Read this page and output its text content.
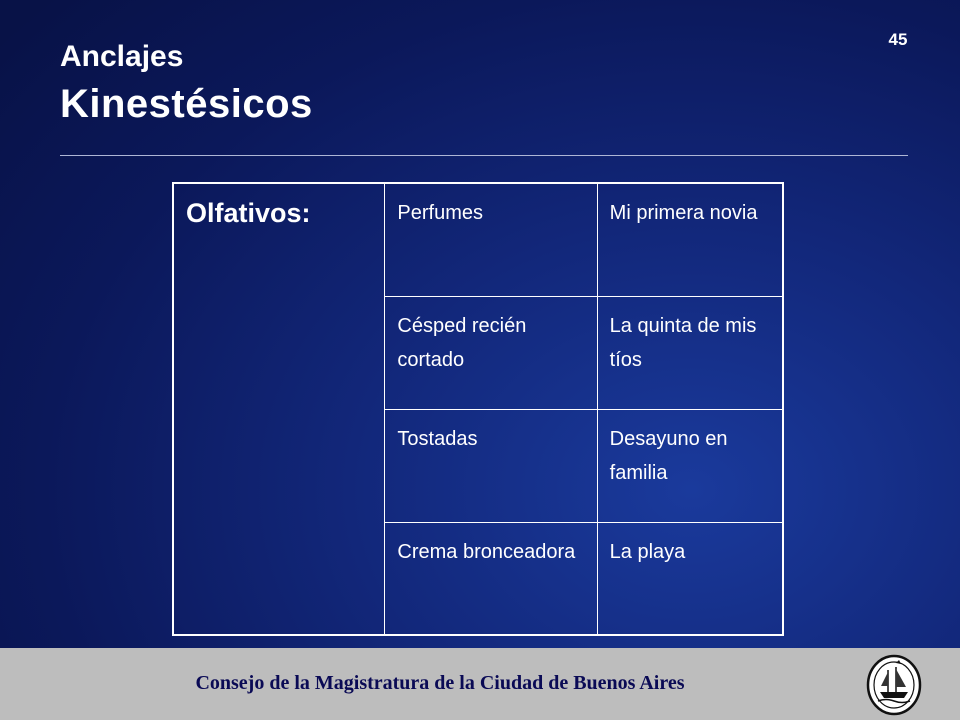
45
Anclajes
Kinestésicos
Olfativos:	Perfumes	Mi primera novia
	Césped recién cortado	La quinta de mis tíos
	Tostadas	Desayuno en familia
	Crema bronceadora	La playa
Consejo de la Magistratura de la Ciudad de Buenos Aires
